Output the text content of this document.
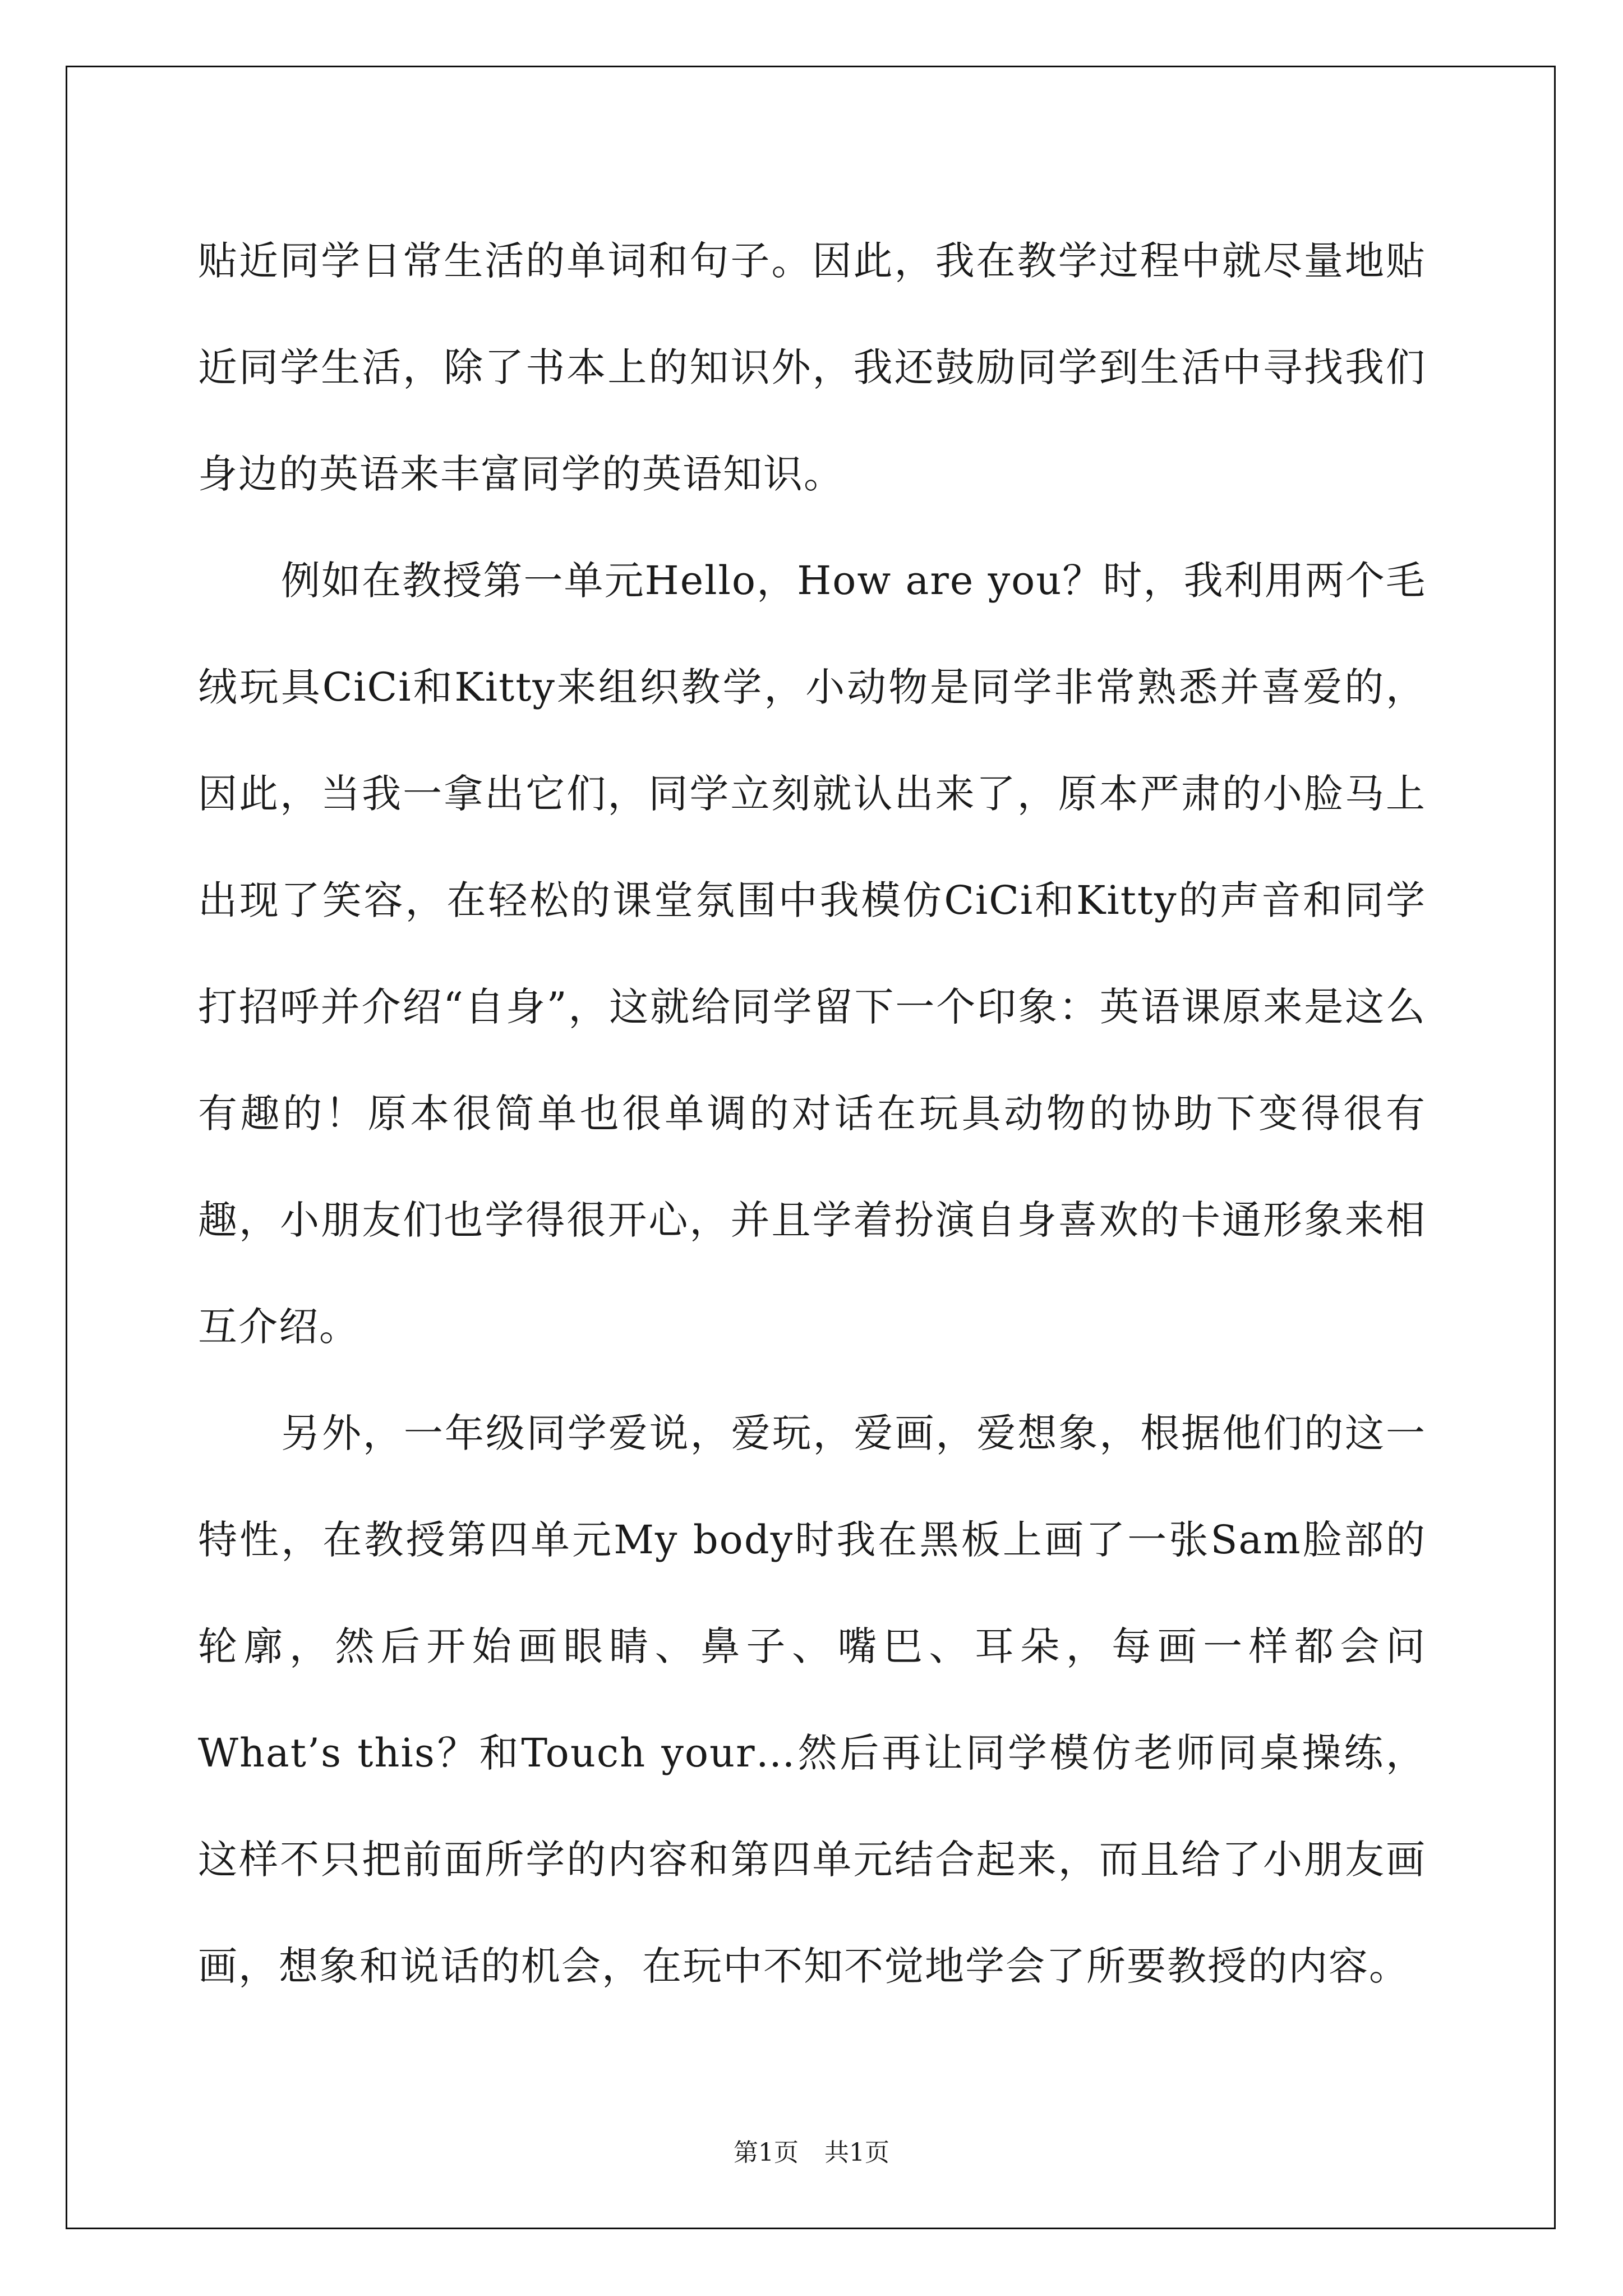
贴近同学日常生活的单词和句子。因此，我在教学过程中就尽量地贴近同学生活，除了书本上的知识外，我还鼓励同学到生活中寻找我们身边的英语来丰富同学的英语知识。

例如在教授第一单元Hello，How are you？时，我利用两个毛绒玩具CiCi和Kitty来组织教学，小动物是同学非常熟悉并喜爱的，因此，当我一拿出它们，同学立刻就认出来了，原本严肃的小脸马上出现了笑容，在轻松的课堂氛围中我模仿CiCi和Kitty的声音和同学打招呼并介绍“自身”，这就给同学留下一个印象：英语课原来是这么有趣的！原本很简单也很单调的对话在玩具动物的协助下变得很有趣，小朋友们也学得很开心，并且学着扮演自身喜欢的卡通形象来相互介绍。

另外，一年级同学爱说，爱玩，爱画，爱想象，根据他们的这一特性，在教授第四单元My body时我在黑板上画了一张Sam脸部的轮廓，然后开始画眼睛、鼻子、嘴巴、耳朵，每画一样都会问What’s this？和Touch your…然后再让同学模仿老师同桌操练，这样不只把前面所学的内容和第四单元结合起来，而且给了小朋友画画，想象和说话的机会，在玩中不知不觉地学会了所要教授的内容。

第1页 共1页
